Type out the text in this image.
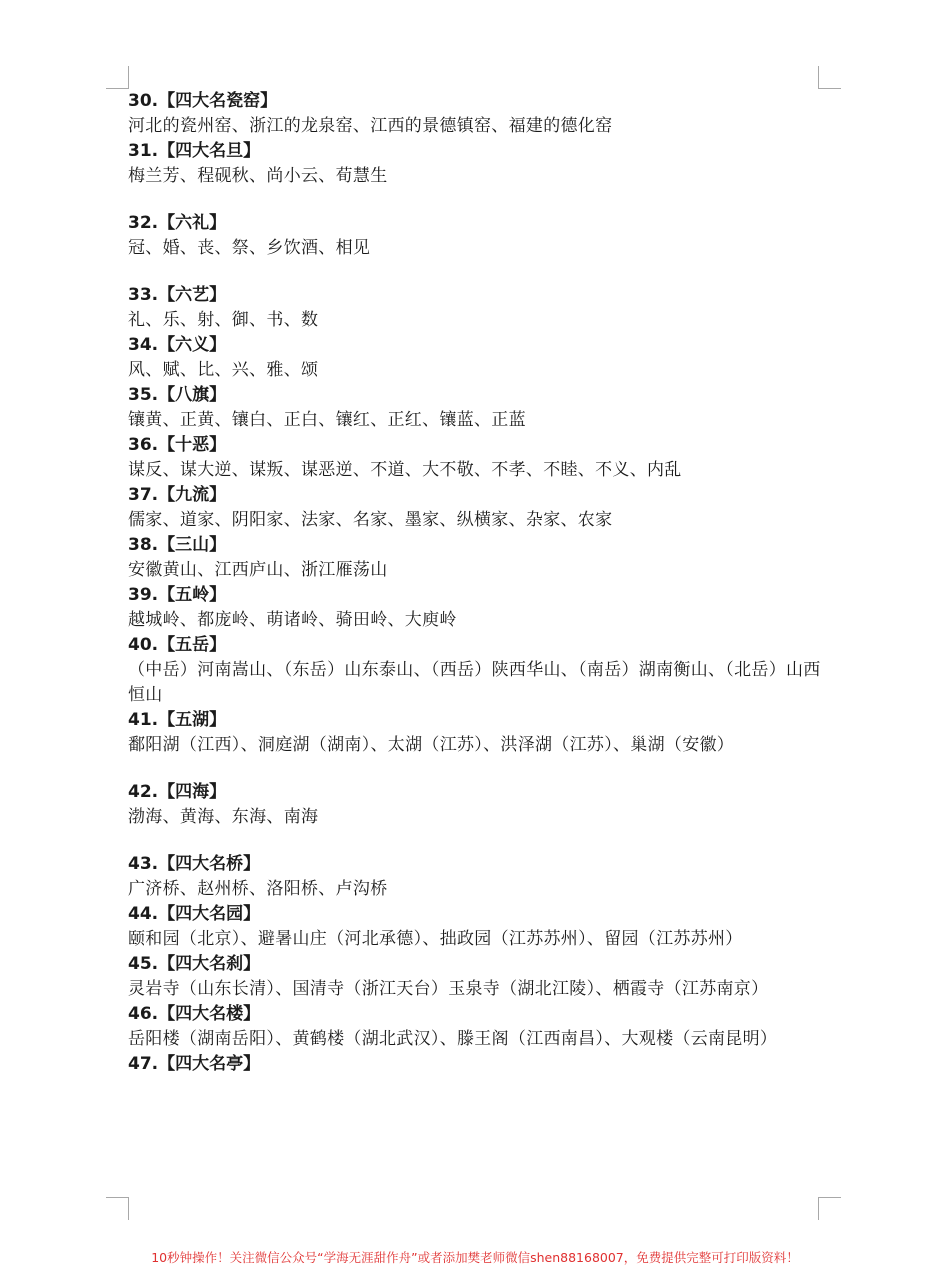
30.【四大名瓷窑】
河北的瓷州窑、浙江的龙泉窑、江西的景德镇窑、福建的德化窑
31.【四大名旦】
梅兰芳、程砚秋、尚小云、荀慧生
32.【六礼】
冠、婚、丧、祭、乡饮酒、相见
33.【六艺】
礼、乐、射、御、书、数
34.【六义】
风、赋、比、兴、雅、颂
35.【八旗】
镶黄、正黄、镶白、正白、镶红、正红、镶蓝、正蓝
36.【十恶】
谋反、谋大逆、谋叛、谋恶逆、不道、大不敬、不孝、不睦、不义、内乱
37.【九流】
儒家、道家、阴阳家、法家、名家、墨家、纵横家、杂家、农家
38.【三山】
安徽黄山、江西庐山、浙江雁荡山
39.【五岭】
越城岭、都庞岭、萌诸岭、骑田岭、大庾岭
40.【五岳】
（中岳）河南嵩山、（东岳）山东泰山、（西岳）陕西华山、（南岳）湖南衡山、（北岳）山西恒山
41.【五湖】
鄱阳湖（江西）、洞庭湖（湖南）、太湖（江苏）、洪泽湖（江苏）、巢湖（安徽）
42.【四海】
渤海、黄海、东海、南海
43.【四大名桥】
广济桥、赵州桥、洛阳桥、卢沟桥
44.【四大名园】
颐和园（北京）、避暑山庄（河北承德）、拙政园（江苏苏州）、留园（江苏苏州）
45.【四大名刹】
灵岩寺（山东长清）、国清寺（浙江天台）玉泉寺（湖北江陵）、栖霞寺（江苏南京）
46.【四大名楼】
岳阳楼（湖南岳阳）、黄鹤楼（湖北武汉）、滕王阁（江西南昌）、大观楼（云南昆明）
47.【四大名亭】
10秒钟操作！关注微信公众号“学海无涯甜作舟”或者添加樊老师微信shen88168007，免费提供完整可打印版资料！
